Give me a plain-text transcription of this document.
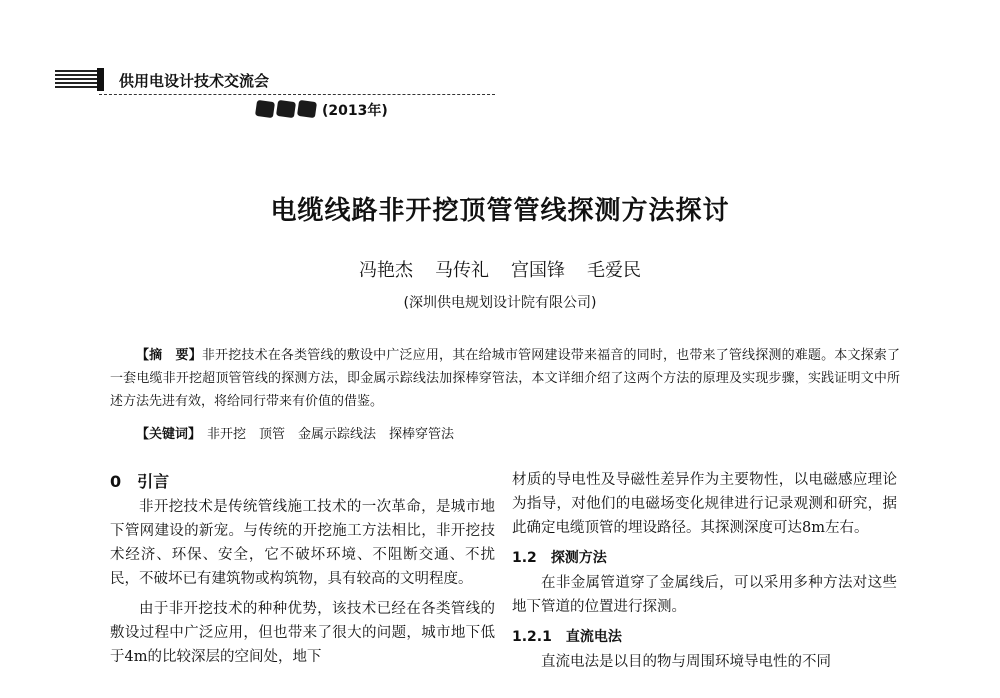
供用电设计技术交流会
(2013年)
电缆线路非开挖顶管管线探测方法探讨
冯艳杰 马传礼 宫国锋 毛爱民
(深圳供电规划设计院有限公司)
【摘　要】非开挖技术在各类管线的敷设中广泛应用，其在给城市管网建设带来福音的同时，也带来了管线探测的难题。本文探索了一套电缆非开挖超顶管管线的探测方法，即金属示踪线法加探棒穿管法，本文详细介绍了这两个方法的原理及实现步骤，实践证明文中所述方法先进有效，将给同行带来有价值的借鉴。
【关键词】 非开挖　顶管　金属示踪线法　探棒穿管法
0 引言

非开挖技术是传统管线施工技术的一次革命，是城市地下管网建设的新宠。与传统的开挖施工方法相比，非开挖技术经济、环保、安全，它不破坏环境、不阻断交通、不扰民，不破坏已有建筑物或构筑物，具有较高的文明程度。

由于非开挖技术的种种优势，该技术已经在各类管线的敷设过程中广泛应用，但也带来了很大的问题，城市地下低于4m的比较深层的空间处，地下

材质的导电性及导磁性差异作为主要物性，以电磁感应理论为指导，对他们的电磁场变化规律进行记录观测和研究，据此确定电缆顶管的埋设路径。其探测深度可达8m左右。

1.2 探测方法

在非金属管道穿了金属线后，可以采用多种方法对这些地下管道的位置进行探测。

1.2.1 直流电法

直流电法是以目的物与周围环境导电性的不同
